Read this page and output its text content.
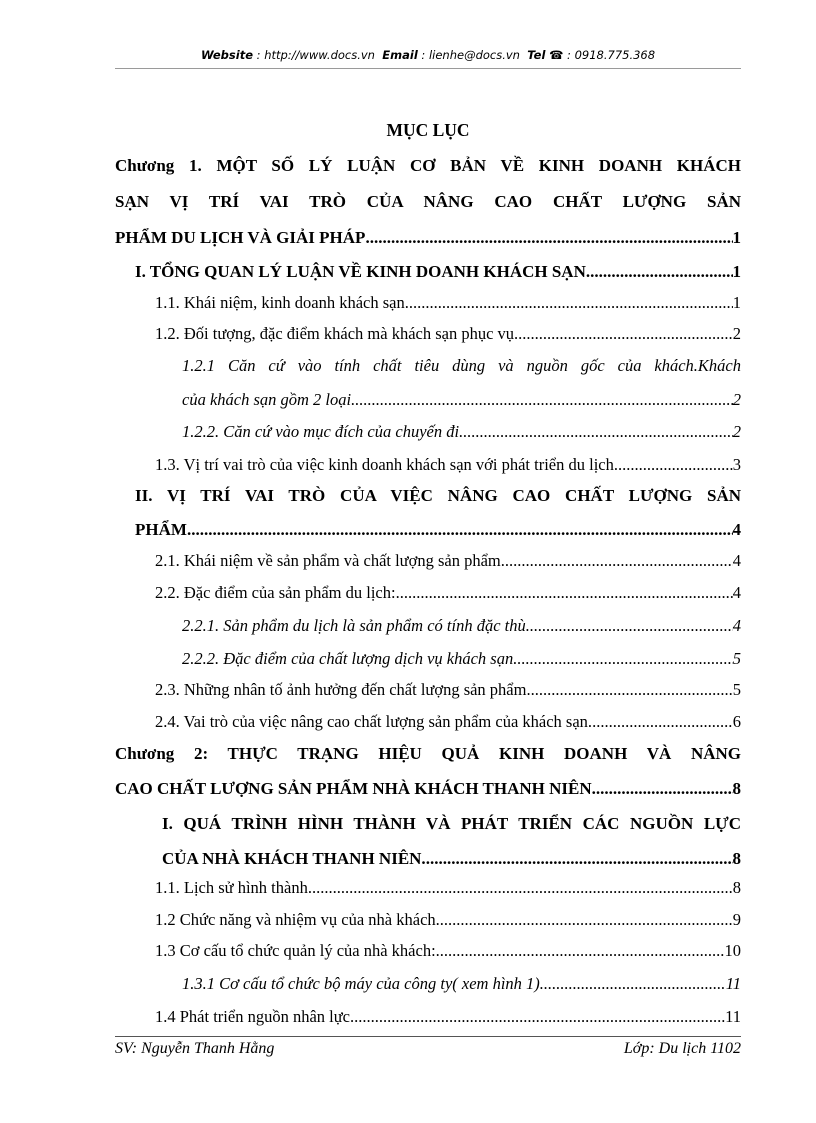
Website : http://www.docs.vn Email : lienhe@docs.vn Tel ☎ : 0918.775.368
MỤC LỤC
Chương 1. MỘT SỐ LÝ LUẬN CƠ BẢN VỀ KINH DOANH KHÁCH
SẠN VỊ TRÍ VAI TRÒ CỦA NÂNG CAO CHẤT LƯỢNG SẢN
PHẨM DU LỊCH VÀ GIẢI PHÁP .....	1
I. TỔNG QUAN LÝ LUẬN VỀ KINH DOANH KHÁCH SẠN .....	1
1.1. Khái niệm, kinh doanh khách sạn .....	1
1.2. Đối tượng, đặc điểm khách mà khách sạn phục vụ .....	2
1.2.1 Căn cứ vào tính chất tiêu dùng và nguồn gốc của khách.Khách
của khách sạn gồm 2 loại. .....	2
1.2.2. Căn cứ vào mục đích của chuyến đi .....	2
1.3. Vị trí vai trò của việc kinh doanh khách sạn với phát triển du lịch. .....	3
II. VỊ TRÍ VAI TRÒ CỦA VIỆC NÂNG CAO CHẤT LƯỢNG SẢN
PHẨM .....	4
2.1. Khái niệm về sản phẩm và chất lượng sản phẩm. .....	4
2.2. Đặc điểm của sản phẩm du lịch: .....	4
2.2.1. Sản phẩm du lịch là sản phẩm có tính đặc thù. .....	4
2.2.2. Đặc điểm của chất lượng dịch vụ khách sạn .....	5
2.3. Những nhân tố ảnh hưởng đến chất lượng sản phẩm .....	5
2.4. Vai trò của việc nâng cao chất lượng sản phẩm của khách sạn. .....	6
Chương 2: THỰC TRẠNG HIỆU QUẢ KINH DOANH VÀ NÂNG
CAO CHẤT LƯỢNG SẢN PHẨM NHÀ KHÁCH THANH NIÊN .....	8
I. QUÁ TRÌNH HÌNH THÀNH VÀ PHÁT TRIỂN CÁC NGUỒN LỰC
CỦA NHÀ KHÁCH THANH NIÊN. .....	8
1.1. Lịch sử hình thành .....	8
1.2 Chức năng và nhiệm vụ của nhà khách .....	9
1.3 Cơ cấu tổ chức quản lý của nhà khách: .....	10
1.3.1 Cơ cấu tổ chức bộ máy của công ty( xem hình 1) .....	11
1.4 Phát triển nguồn nhân lực .....	11
SV: Nguyễn Thanh Hằng	Lớp: Du lịch 1102
